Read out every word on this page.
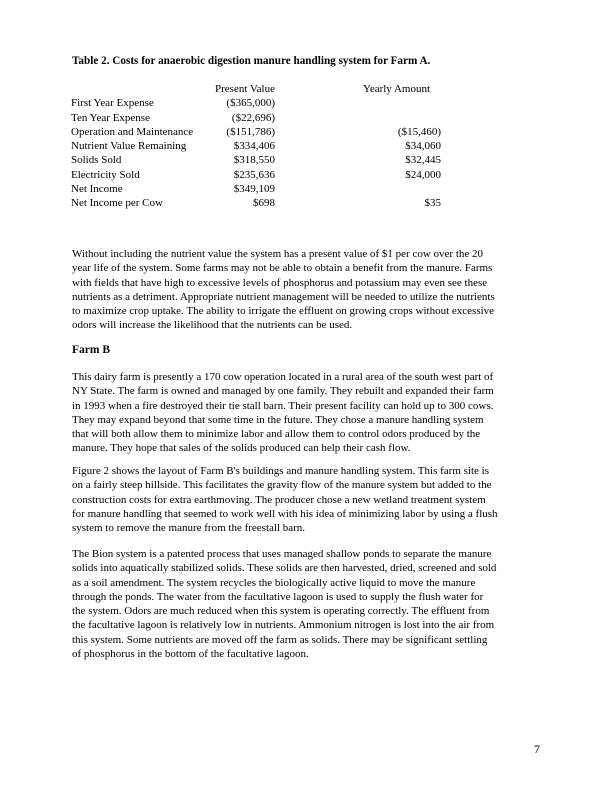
Table 2. Costs for anaerobic digestion manure handling system for Farm A.
	Present Value		Yearly Amount
First Year Expense	($365,000)		
Ten Year Expense	($22,696)		
Operation and Maintenance	($151,786)		($15,460)
Nutrient Value Remaining	$334,406		$34,060
Solids Sold	$318,550		$32,445
Electricity Sold	$235,636		$24,000
Net Income	$349,109		
Net Income per Cow	$698		$35

Without including the nutrient value the system has a present value of $1 per cow over the 20

year life of the system. Some farms may not be able to obtain a benefit from the manure. Farms

with fields that have high to excessive levels of phosphorus and potassium may even see these

nutrients as a detriment. Appropriate nutrient management will be needed to utilize the nutrients

to maximize crop uptake. The ability to irrigate the effluent on growing crops without excessive

odors will increase the likelihood that the nutrients can be used.

Farm B

This dairy farm is presently a 170 cow operation located in a rural area of the south west part of

NY State. The farm is owned and managed by one family. They rebuilt and expanded their farm

in 1993 when a fire destroyed their tie stall barn. Their present facility can hold up to 300 cows.

They may expand beyond that some time in the future. They chose a manure handling system

that will both allow them to minimize labor and allow them to control odors produced by the

manure. They hope that sales of the solids produced can help their cash flow.

Figure 2 shows the layout of Farm B's buildings and manure handling system. This farm site is

on a fairly steep hillside. This facilitates the gravity flow of the manure system but added to the

construction costs for extra earthmoving. The producer chose a new wetland treatment system

for manure handling that seemed to work well with his idea of minimizing labor by using a flush

system to remove the manure from the freestall barn.

The Bion system is a patented process that uses managed shallow ponds to separate the manure

solids into aquatically stabilized solids. These solids are then harvested, dried, screened and sold

as a soil amendment. The system recycles the biologically active liquid to move the manure

through the ponds. The water from the facultative lagoon is used to supply the flush water for

the system. Odors are much reduced when this system is operating correctly. The effluent from

the facultative lagoon is relatively low in nutrients. Ammonium nitrogen is lost into the air from

this system. Some nutrients are moved off the farm as solids. There may be significant settling

of phosphorus in the bottom of the facultative lagoon.

7
